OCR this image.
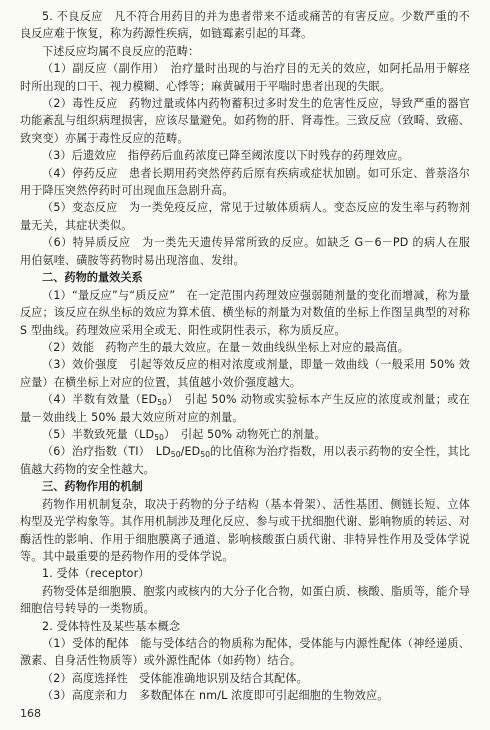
5. 不良反应　凡不符合用药目的并为患者带来不适或痛苦的有害反应。少数严重的不良反应难于恢复，称为药源性疾病，如链霉素引起的耳聋。

下述反应均属不良反应的范畴：

（1）副反应（副作用）　治疗量时出现的与治疗目的无关的效应，如阿托品用于解痉时所出现的口干、视力模糊、心悸等；麻黄碱用于平喘时患者出现的失眠。

（2）毒性反应　药物过量或体内药物蓄积过多时发生的危害性反应，导致严重的器官功能紊乱与组织病理损害，应该尽量避免。如药物的肝、肾毒性。三致反应（致畸、致癌、致突变）亦属于毒性反应的范畴。

（3）后遗效应　指停药后血药浓度已降至阈浓度以下时残存的药理效应。

（4）停药反应　患者长期用药突然停药后原有疾病或症状加剧。如可乐定、普萘洛尔用于降压突然停药时可出现血压急剧升高。

（5）变态反应　为一类免疫反应，常见于过敏体质病人。变态反应的发生率与药物剂量无关，其症状类似。

（6）特异质反应　为一类先天遗传异常所致的反应。如缺乏 G－6－PD 的病人在服用伯氨喹、磺胺等药物时易出现溶血、发绀。

二、药物的量效关系

（1）“量反应”与“质反应”　在一定范围内药理效应强弱随剂量的变化而增减，称为量反应；该反应在纵坐标的效应为算术值、横坐标的剂量为对数值的坐标上作图呈典型的对称 S 型曲线。药理效应采用全或无、阳性或阴性表示，称为质反应。

（2）效能　药物产生的最大效应。在量－效曲线纵坐标上对应的最高值。

（3）效价强度　引起等效反应的相对浓度或剂量，即量－效曲线（一般采用 50% 效应量）在横坐标上对应的位置，其值越小效价强度越大。

（4）半数有效量$(ED_{50})$　引起 50% 动物或实验标本产生反应的浓度或剂量；或在量－效曲线上 50% 最大效应所对应的剂量。

（5）半数致死量$(LD_{50})$　引起 50% 动物死亡的剂量。

（6）治疗指数（TI）　$LD_{50}/ED_{50}$的比值称为治疗指数，用以表示药物的安全性，其比值越大药物的安全性越大。

三、药物作用的机制

药物作用机制复杂，取决于药物的分子结构（基本骨架）、活性基团、侧链长短、立体构型及光学构象等。其作用机制涉及理化反应、参与或干扰细胞代谢、影响物质的转运、对酶活性的影响、作用于细胞膜离子通道、影响核酸蛋白质代谢、非特异性作用及受体学说等。其中最重要的是药物作用的受体学说。

1. 受体（receptor）

药物受体是细胞膜、胞浆内或核内的大分子化合物，如蛋白质、核酸、脂质等，能介导细胞信号转导的一类物质。

2. 受体特性及某些基本概念

（1）受体的配体　能与受体结合的物质称为配体，受体能与内源性配体（神经递质、激素、自身活性物质等）或外源性配体（如药物）结合。

（2）高度选择性　受体能准确地识别及结合其配体。

（3）高度亲和力　多数配体在 nm/L 浓度即可引起细胞的生物效应。

168
